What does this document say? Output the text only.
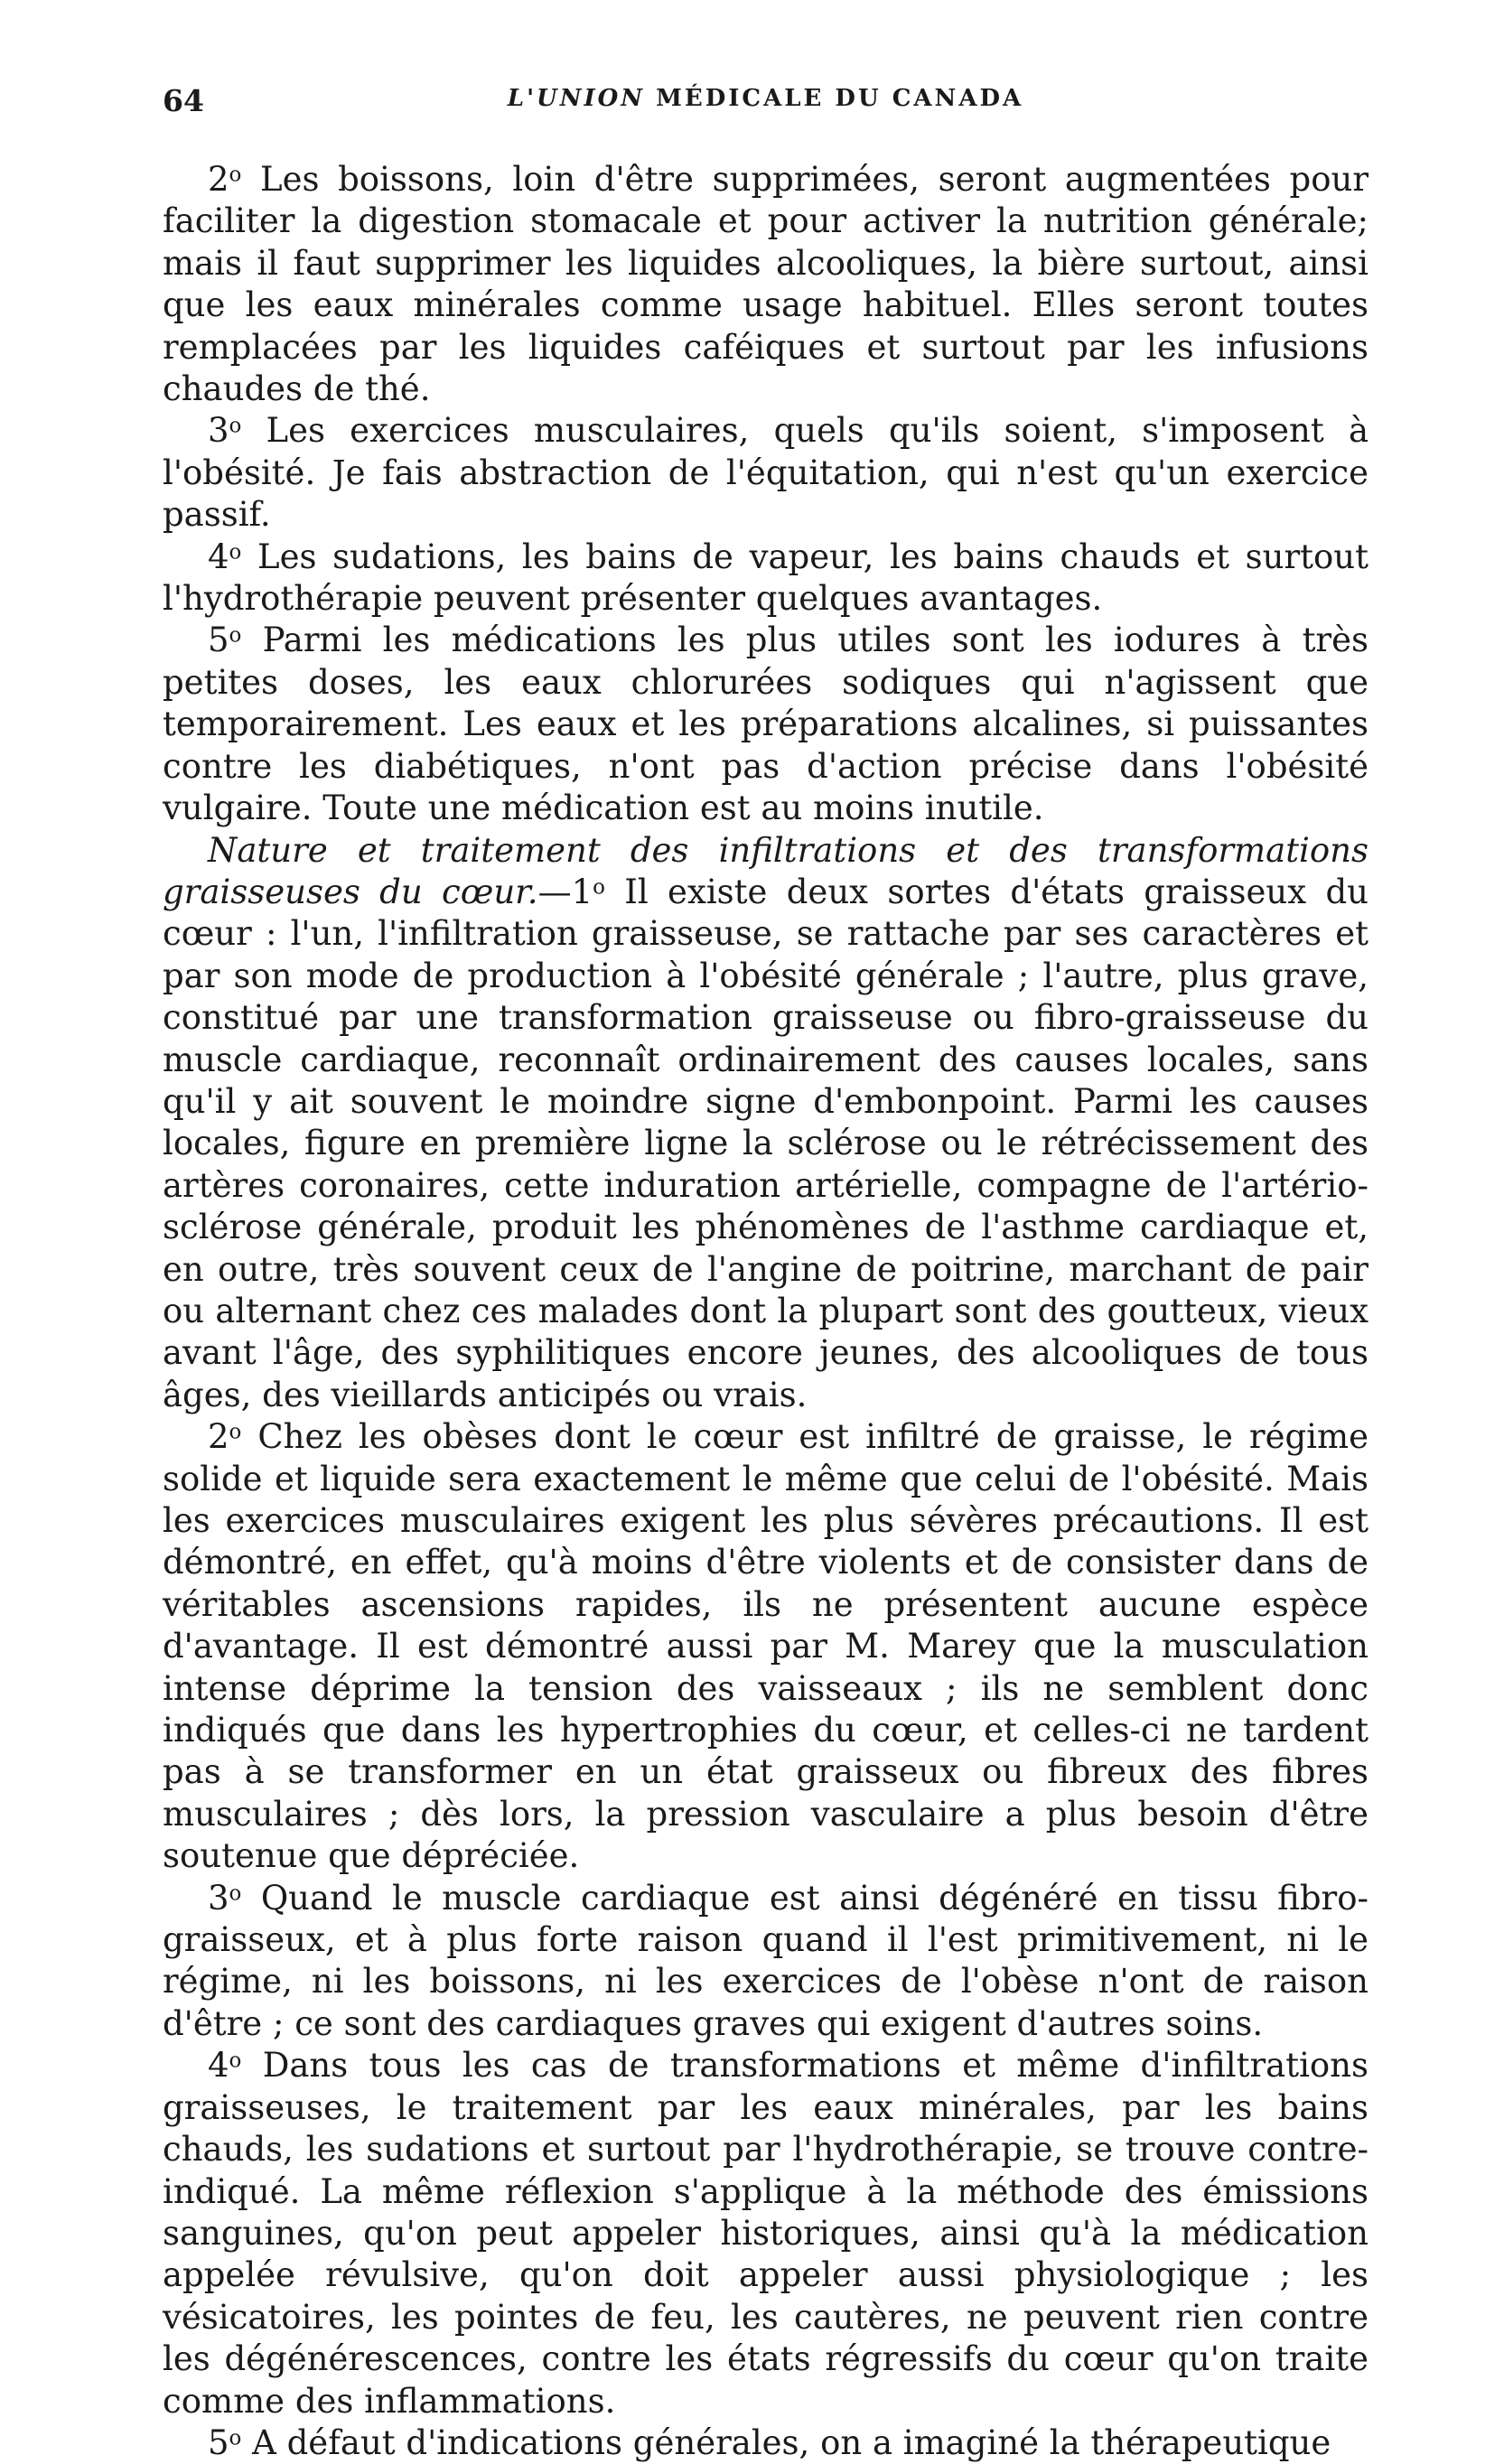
64	L'UNION MÉDICALE DU CANADA

2$^o$ Les boissons, loin d'être supprimées, seront augmentées pour faciliter la digestion stomacale et pour activer la nutrition générale; mais il faut supprimer les liquides alcooliques, la bière surtout, ainsi que les eaux minérales comme usage habituel. Elles seront toutes remplacées par les liquides caféiques et surtout par les infusions chaudes de thé.

3$^o$ Les exercices musculaires, quels qu'ils soient, s'imposent à l'obésité. Je fais abstraction de l'équitation, qui n'est qu'un exercice passif.

4$^o$ Les sudations, les bains de vapeur, les bains chauds et surtout l'hydrothérapie peuvent présenter quelques avantages.

5$^o$ Parmi les médications les plus utiles sont les iodures à très petites doses, les eaux chlorurées sodiques qui n'agissent que temporairement. Les eaux et les préparations alcalines, si puissantes contre les diabétiques, n'ont pas d'action précise dans l'obésité vulgaire. Toute une médication est au moins inutile.

Nature et traitement des infiltrations et des transformations graisseuses du cœur.—1$^o$ Il existe deux sortes d'états graisseux du cœur : l'un, l'infiltration graisseuse, se rattache par ses caractères et par son mode de production à l'obésité générale ; l'autre, plus grave, constitué par une transformation graisseuse ou fibro-graisseuse du muscle cardiaque, reconnaît ordinairement des causes locales, sans qu'il y ait souvent le moindre signe d'embonpoint. Parmi les causes locales, figure en première ligne la sclérose ou le rétrécissement des artères coronaires, cette induration artérielle, compagne de l'artério-sclérose générale, produit les phénomènes de l'asthme cardiaque et, en outre, très souvent ceux de l'angine de poitrine, marchant de pair ou alternant chez ces malades dont la plupart sont des goutteux, vieux avant l'âge, des syphilitiques encore jeunes, des alcooliques de tous âges, des vieillards anticipés ou vrais.

2$^o$ Chez les obèses dont le cœur est infiltré de graisse, le régime solide et liquide sera exactement le même que celui de l'obésité. Mais les exercices musculaires exigent les plus sévères précautions. Il est démontré, en effet, qu'à moins d'être violents et de consister dans de véritables ascensions rapides, ils ne présentent aucune espèce d'avantage. Il est démontré aussi par M. Marey que la musculation intense déprime la tension des vaisseaux ; ils ne semblent donc indiqués que dans les hypertrophies du cœur, et celles-ci ne tardent pas à se transformer en un état graisseux ou fibreux des fibres musculaires ; dès lors, la pression vasculaire a plus besoin d'être soutenue que dépréciée.

3$^o$ Quand le muscle cardiaque est ainsi dégénéré en tissu fibro-graisseux, et à plus forte raison quand il l'est primitivement, ni le régime, ni les boissons, ni les exercices de l'obèse n'ont de raison d'être ; ce sont des cardiaques graves qui exigent d'autres soins.

4$^o$ Dans tous les cas de transformations et même d'infiltrations graisseuses, le traitement par les eaux minérales, par les bains chauds, les sudations et surtout par l'hydrothérapie, se trouve contre-indiqué. La même réflexion s'applique à la méthode des émissions sanguines, qu'on peut appeler historiques, ainsi qu'à la médication appelée révulsive, qu'on doit appeler aussi physiologique ; les vésicatoires, les pointes de feu, les cautères, ne peuvent rien contre les dégénérescences, contre les états régressifs du cœur qu'on traite comme des inflammations.

5$^o$ A défaut d'indications générales, on a imaginé la thérapeutique
